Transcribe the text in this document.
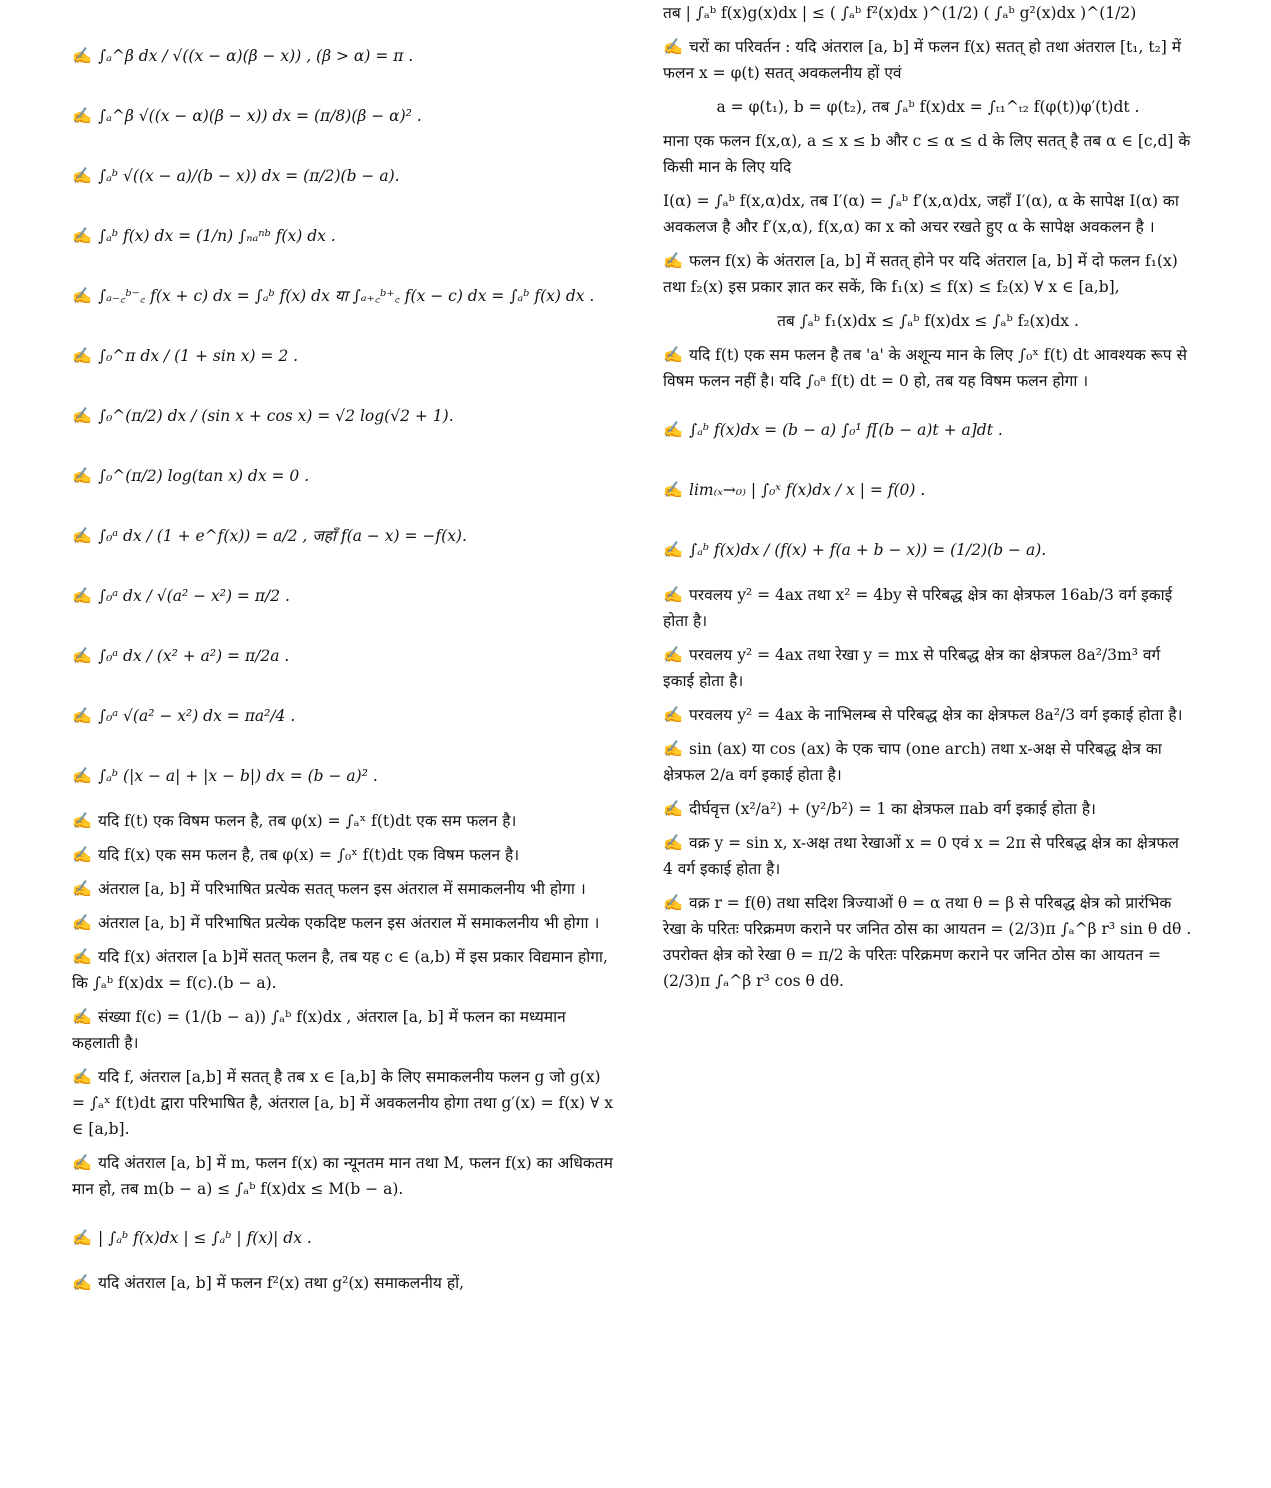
✍ ∫ₐ^β dx / √((x − α)(β − x)) , (β > α) = π .
✍ ∫ₐ^β √((x − α)(β − x)) dx = (π/8)(β − α)² .
✍ ∫ₐᵇ √((x − a)/(b − x)) dx = (π/2)(b − a).
✍ ∫ₐᵇ f(x) dx = (1/n) ∫ₙₐⁿᵇ f(x) dx .
✍ ∫ₐ₋꜀ᵇ⁻꜀ f(x + c) dx = ∫ₐᵇ f(x) dx या ∫ₐ₊꜀ᵇ⁺꜀ f(x − c) dx = ∫ₐᵇ f(x) dx .
✍ ∫₀^π dx / (1 + sin x) = 2 .
✍ ∫₀^(π/2) dx / (sin x + cos x) = √2 log(√2 + 1).
✍ ∫₀^(π/2) log(tan x) dx = 0 .
✍ ∫₀ᵃ dx / (1 + e^f(x)) = a/2 , जहाँ f(a − x) = −f(x).
✍ ∫₀ᵃ dx / √(a² − x²) = π/2 .
✍ ∫₀ᵃ dx / (x² + a²) = π/2a .
✍ ∫₀ᵃ √(a² − x²) dx = πa²/4 .
✍ ∫ₐᵇ (|x − a| + |x − b|) dx = (b − a)² .
✍ यदि f(t) एक विषम फलन है, तब φ(x) = ∫ₐˣ f(t)dt एक सम फलन है।
✍ यदि f(x) एक सम फलन है, तब φ(x) = ∫₀ˣ f(t)dt एक विषम फलन है।
✍ अंतराल [a, b] में परिभाषित प्रत्येक सतत् फलन इस अंतराल में समाकलनीय भी होगा ।
✍ अंतराल [a, b] में परिभाषित प्रत्येक एकदिष्ट फलन इस अंतराल में समाकलनीय भी होगा ।
✍ यदि f(x) अंतराल [a b]में सतत् फलन है, तब यह c ∈ (a,b) में इस प्रकार विद्यमान होगा, कि ∫ₐᵇ f(x)dx = f(c).(b − a).
✍ संख्या f(c) = (1/(b − a)) ∫ₐᵇ f(x)dx , अंतराल [a, b] में फलन का मध्यमान कहलाती है।
✍ यदि f, अंतराल [a,b] में सतत् है तब x ∈ [a,b] के लिए समाकलनीय फलन g जो g(x) = ∫ₐˣ f(t)dt द्वारा परिभाषित है, अंतराल [a, b] में अवकलनीय होगा तथा g′(x) = f(x) ∀ x ∈ [a,b].
✍ यदि अंतराल [a, b] में m, फलन f(x) का न्यूनतम मान तथा M, फलन f(x) का अधिकतम मान हो, तब m(b − a) ≤ ∫ₐᵇ f(x)dx ≤ M(b − a).
✍ | ∫ₐᵇ f(x)dx | ≤ ∫ₐᵇ | f(x)| dx .
✍ यदि अंतराल [a, b] में फलन f²(x) तथा g²(x) समाकलनीय हों,
तब | ∫ₐᵇ f(x)g(x)dx | ≤ ( ∫ₐᵇ f²(x)dx )^(1/2) ( ∫ₐᵇ g²(x)dx )^(1/2)
✍ चरों का परिवर्तन : यदि अंतराल [a, b] में फलन f(x) सतत् हो तथा अंतराल [t₁, t₂] में फलन x = φ(t) सतत् अवकलनीय हों एवं
a = φ(t₁), b = φ(t₂), तब ∫ₐᵇ f(x)dx = ∫ₜ₁^ₜ₂ f(φ(t))φ′(t)dt .
माना एक फलन f(x,α), a ≤ x ≤ b और c ≤ α ≤ d के लिए सतत् है तब α ∈ [c,d] के किसी मान के लिए यदि
I(α) = ∫ₐᵇ f(x,α)dx, तब I′(α) = ∫ₐᵇ f′(x,α)dx, जहाँ I′(α), α के सापेक्ष I(α) का अवकलज है और f′(x,α), f(x,α) का x को अचर रखते हुए α के सापेक्ष अवकलन है ।
✍ फलन f(x) के अंतराल [a, b] में सतत् होने पर यदि अंतराल [a, b] में दो फलन f₁(x) तथा f₂(x) इस प्रकार ज्ञात कर सकें, कि f₁(x) ≤ f(x) ≤ f₂(x) ∀ x ∈ [a,b],
तब ∫ₐᵇ f₁(x)dx ≤ ∫ₐᵇ f(x)dx ≤ ∫ₐᵇ f₂(x)dx .
✍ यदि f(t) एक सम फलन है तब 'a' के अशून्य मान के लिए ∫₀ˣ f(t) dt आवश्यक रूप से विषम फलन नहीं है। यदि ∫₀ᵃ f(t) dt = 0 हो, तब यह विषम फलन होगा ।
✍ ∫ₐᵇ f(x)dx = (b − a) ∫₀¹ f[(b − a)t + a]dt .
✍ lim₍ₓ→₀₎ | ∫₀ˣ f(x)dx / x | = f(0) .
✍ ∫ₐᵇ f(x)dx / (f(x) + f(a + b − x)) = (1/2)(b − a).
✍ परवलय y² = 4ax तथा x² = 4by से परिबद्ध क्षेत्र का क्षेत्रफल 16ab/3 वर्ग इकाई होता है।
✍ परवलय y² = 4ax तथा रेखा y = mx से परिबद्ध क्षेत्र का क्षेत्रफल 8a²/3m³ वर्ग इकाई होता है।
✍ परवलय y² = 4ax के नाभिलम्ब से परिबद्ध क्षेत्र का क्षेत्रफल 8a²/3 वर्ग इकाई होता है।
✍ sin (ax) या cos (ax) के एक चाप (one arch) तथा x-अक्ष से परिबद्ध क्षेत्र का क्षेत्रफल 2/a वर्ग इकाई होता है।
✍ दीर्घवृत्त (x²/a²) + (y²/b²) = 1 का क्षेत्रफल πab वर्ग इकाई होता है।
✍ वक्र y = sin x, x-अक्ष तथा रेखाओं x = 0 एवं x = 2π से परिबद्ध क्षेत्र का क्षेत्रफल 4 वर्ग इकाई होता है।
✍ वक्र r = f(θ) तथा सदिश त्रिज्याओं θ = α तथा θ = β से परिबद्ध क्षेत्र को प्रारंभिक रेखा के परितः परिक्रमण कराने पर जनित ठोस का आयतन = (2/3)π ∫ₐ^β r³ sin θ dθ . उपरोक्त क्षेत्र को रेखा θ = π/2 के परितः परिक्रमण कराने पर जनित ठोस का आयतन = (2/3)π ∫ₐ^β r³ cos θ dθ.
